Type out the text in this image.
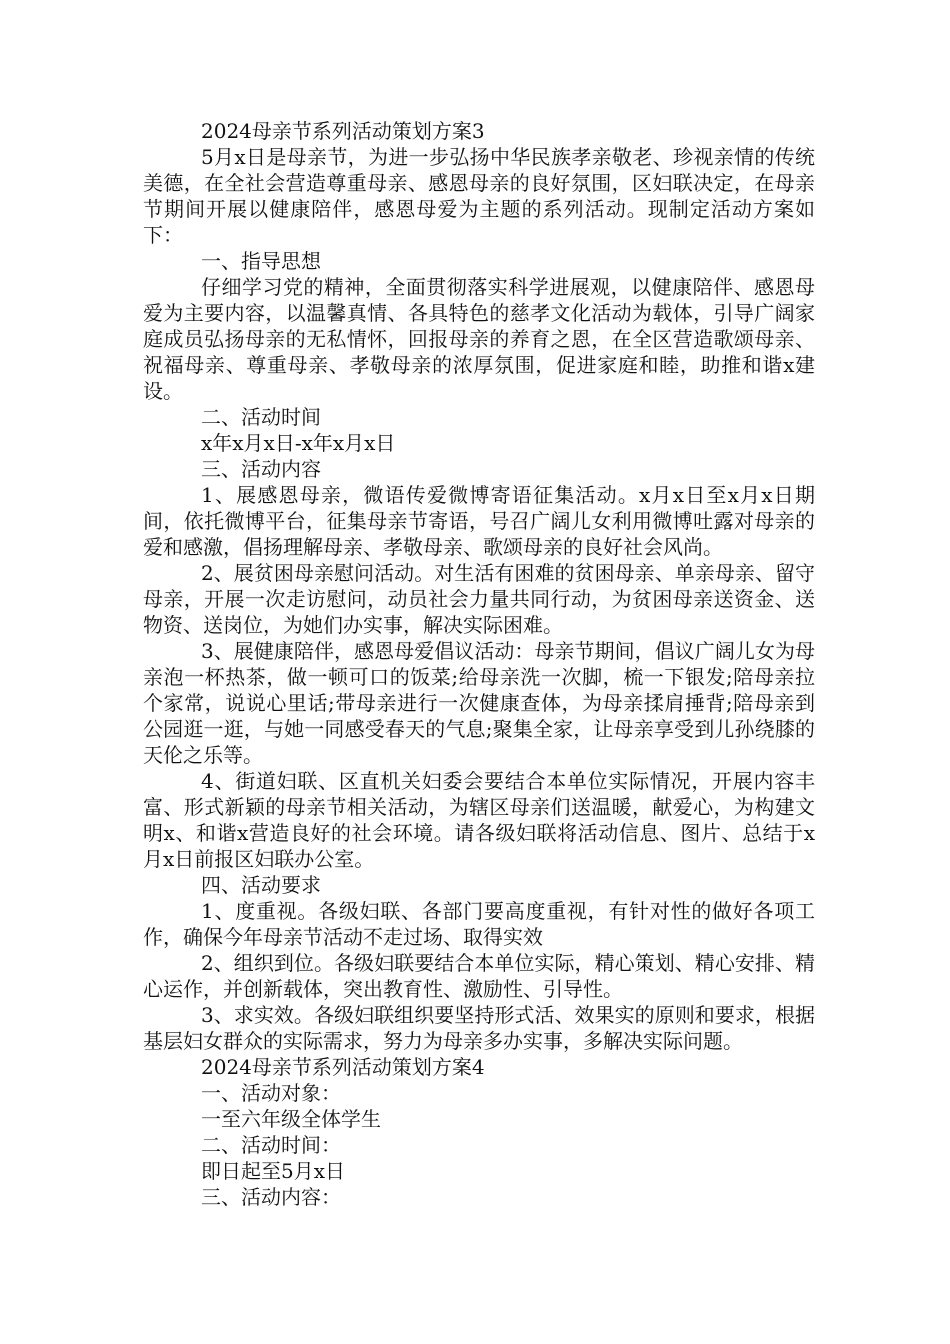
2024母亲节系列活动策划方案3

5月x日是母亲节，为进一步弘扬中华民族孝亲敬老、珍视亲情的传统美德，在全社会营造尊重母亲、感恩母亲的良好氛围，区妇联决定，在母亲节期间开展以健康陪伴，感恩母爱为主题的系列活动。现制定活动方案如下：

一、指导思想

仔细学习党的精神，全面贯彻落实科学进展观，以健康陪伴、感恩母爱为主要内容，以温馨真情、各具特色的慈孝文化活动为载体，引导广阔家庭成员弘扬母亲的无私情怀，回报母亲的养育之恩，在全区营造歌颂母亲、祝福母亲、尊重母亲、孝敬母亲的浓厚氛围，促进家庭和睦，助推和谐x建设。

二、活动时间

x年x月x日-x年x月x日

三、活动内容

1、展感恩母亲，微语传爱微博寄语征集活动。x月x日至x月x日期间，依托微博平台，征集母亲节寄语，号召广阔儿女利用微博吐露对母亲的爱和感激，倡扬理解母亲、孝敬母亲、歌颂母亲的良好社会风尚。

2、展贫困母亲慰问活动。对生活有困难的贫困母亲、单亲母亲、留守母亲，开展一次走访慰问，动员社会力量共同行动，为贫困母亲送资金、送物资、送岗位，为她们办实事，解决实际困难。

3、展健康陪伴，感恩母爱倡议活动：母亲节期间，倡议广阔儿女为母亲泡一杯热茶，做一顿可口的饭菜;给母亲洗一次脚，梳一下银发;陪母亲拉个家常，说说心里话;带母亲进行一次健康查体，为母亲揉肩捶背;陪母亲到公园逛一逛，与她一同感受春天的气息;聚集全家，让母亲享受到儿孙绕膝的天伦之乐等。

4、街道妇联、区直机关妇委会要结合本单位实际情况，开展内容丰富、形式新颖的母亲节相关活动，为辖区母亲们送温暖，献爱心，为构建文明x、和谐x营造良好的社会环境。请各级妇联将活动信息、图片、总结于x月x日前报区妇联办公室。

四、活动要求

1、度重视。各级妇联、各部门要高度重视，有针对性的做好各项工作，确保今年母亲节活动不走过场、取得实效

2、组织到位。各级妇联要结合本单位实际，精心策划、精心安排、精心运作，并创新载体，突出教育性、激励性、引导性。

3、求实效。各级妇联组织要坚持形式活、效果实的原则和要求，根据基层妇女群众的实际需求，努力为母亲多办实事，多解决实际问题。

2024母亲节系列活动策划方案4

一、活动对象：

一至六年级全体学生

二、活动时间：

即日起至5月x日

三、活动内容：
